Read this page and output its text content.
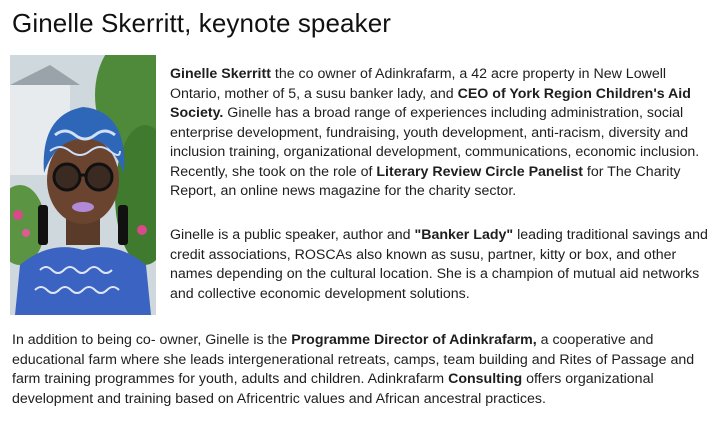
Ginelle Skerritt, keynote speaker
Ginelle Skerritt the co owner of Adinkrafarm, a 42 acre property in New Lowell Ontario, mother of 5, a susu banker lady, and CEO of York Region Children's Aid Society. Ginelle has a broad range of experiences including administration, social enterprise development, fundraising, youth development, anti-racism, diversity and inclusion training, organizational development, communications, economic inclusion. Recently, she took on the role of Literary Review Circle Panelist for The Charity Report, an online news magazine for the charity sector.
Ginelle is a public speaker, author and "Banker Lady" leading traditional savings and credit associations, ROSCAs also known as susu, partner, kitty or box, and other names depending on the cultural location. She is a champion of mutual aid networks and collective economic development solutions.
In addition to being co- owner, Ginelle is the Programme Director of Adinkrafarm, a cooperative and educational farm where she leads intergenerational retreats, camps, team building and Rites of Passage and farm training programmes for youth, adults and children. Adinkrafarm Consulting offers organizational development and training based on Africentric values and African ancestral practices.
